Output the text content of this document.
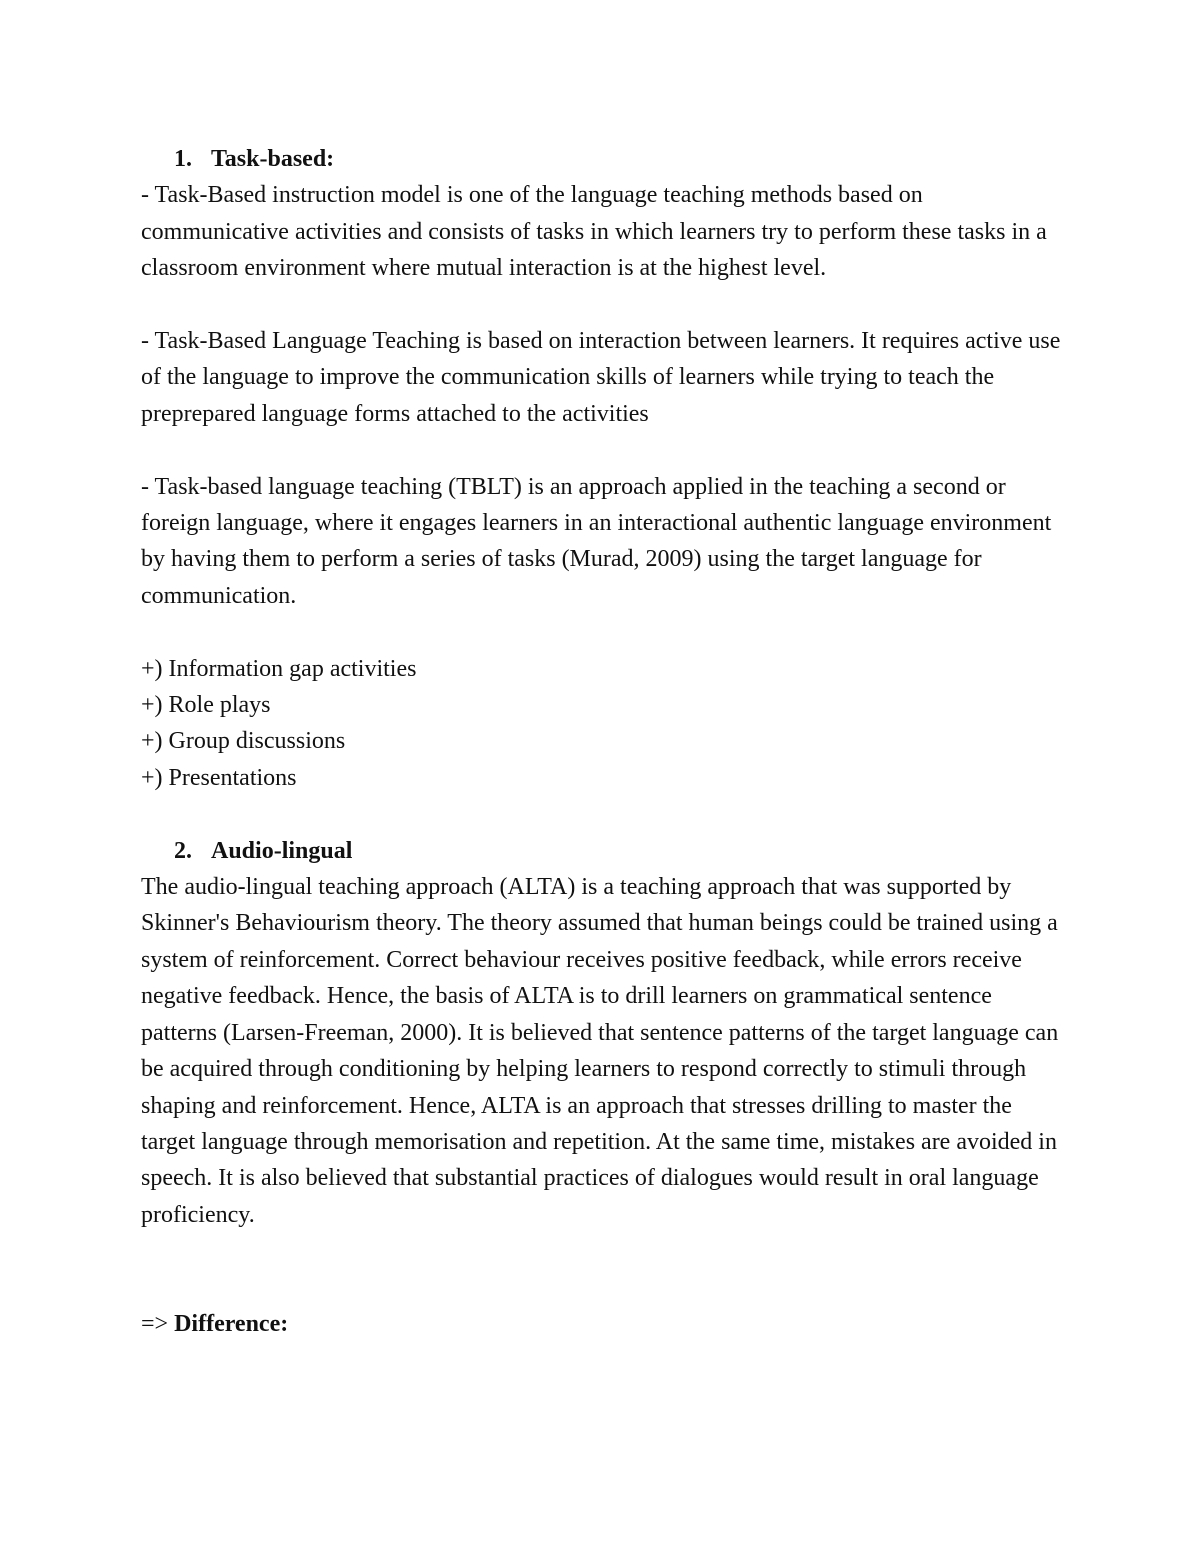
1. Task-based:

- Task-Based instruction model is one of the language teaching methods based on communicative activities and consists of tasks in which learners try to perform these tasks in a classroom environment where mutual interaction is at the highest level.

- Task-Based Language Teaching is based on interaction between learners. It requires active use of the language to improve the communication skills of learners while trying to teach the preprepared language forms attached to the activities

- Task-based language teaching (TBLT) is an approach applied in the teaching a second or foreign language, where it engages learners in an interactional authentic language environment by having them to perform a series of tasks (Murad, 2009) using the target language for communication.

+) Information gap activities

+) Role plays

+) Group discussions

+) Presentations

2. Audio-lingual

The audio-lingual teaching approach (ALTA) is a teaching approach that was supported by Skinner's Behaviourism theory. The theory assumed that human beings could be trained using a system of reinforcement. Correct behaviour receives positive feedback, while errors receive negative feedback. Hence, the basis of ALTA is to drill learners on grammatical sentence patterns (Larsen-Freeman, 2000). It is believed that sentence patterns of the target language can be acquired through conditioning by helping learners to respond correctly to stimuli through shaping and reinforcement. Hence, ALTA is an approach that stresses drilling to master the target language through memorisation and repetition. At the same time, mistakes are avoided in speech. It is also believed that substantial practices of dialogues would result in oral language proficiency.

=> Difference:
